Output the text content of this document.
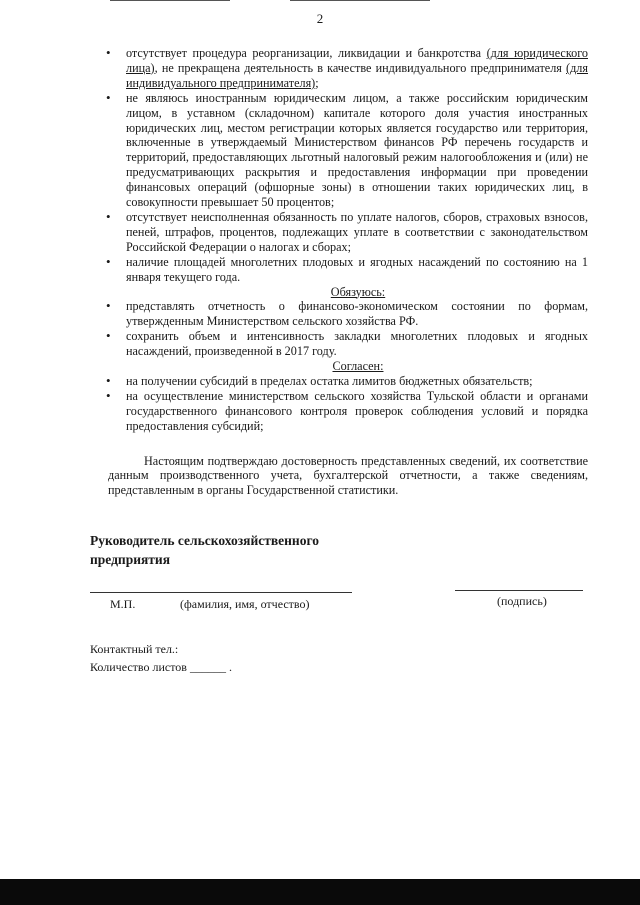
2
• отсутствует процедура реорганизации, ликвидации и банкротства (для юридического лица), не прекращена деятельность в качестве индивидуального предпринимателя (для индивидуального предпринимателя);
• не являюсь иностранным юридическим лицом, а также российским юридическим лицом, в уставном (складочном) капитале которого доля участия иностранных юридических лиц, местом регистрации которых является государство или территория, включенные в утверждаемый Министерством финансов РФ перечень государств и территорий, предоставляющих льготный налоговый режим налогообложения и (или) не предусматривающих раскрытия и предоставления информации при проведении финансовых операций (офшорные зоны) в отношении таких юридических лиц, в совокупности превышает 50 процентов;
• отсутствует неисполненная обязанность по уплате налогов, сборов, страховых взносов, пеней, штрафов, процентов, подлежащих уплате в соответствии с законодательством Российской Федерации о налогах и сборах;
• наличие площадей многолетних плодовых и ягодных насаждений по состоянию на 1 января текущего года.

Обязуюсь:

• представлять отчетность о финансово-экономическом состоянии по формам, утвержденным Министерством сельского хозяйства РФ.
• сохранить объем и интенсивность закладки многолетних плодовых и ягодных насаждений, произведенной в 2017 году.

Согласен:

• на получении субсидий в пределах остатка лимитов бюджетных обязательств;
• на осуществление министерством сельского хозяйства Тульской области и органами государственного финансового контроля проверок соблюдения условий и порядка предоставления субсидий;

Настоящим подтверждаю достоверность представленных сведений, их соответствие данным производственного учета, бухгалтерской отчетности, а также сведениям, представленным в органы Государственной статистики.

Руководитель сельскохозяйственного предприятия
М.П.	(фамилия, имя, отчество)	(подпись)
Контактный тел.:
Количество листов ______ .
